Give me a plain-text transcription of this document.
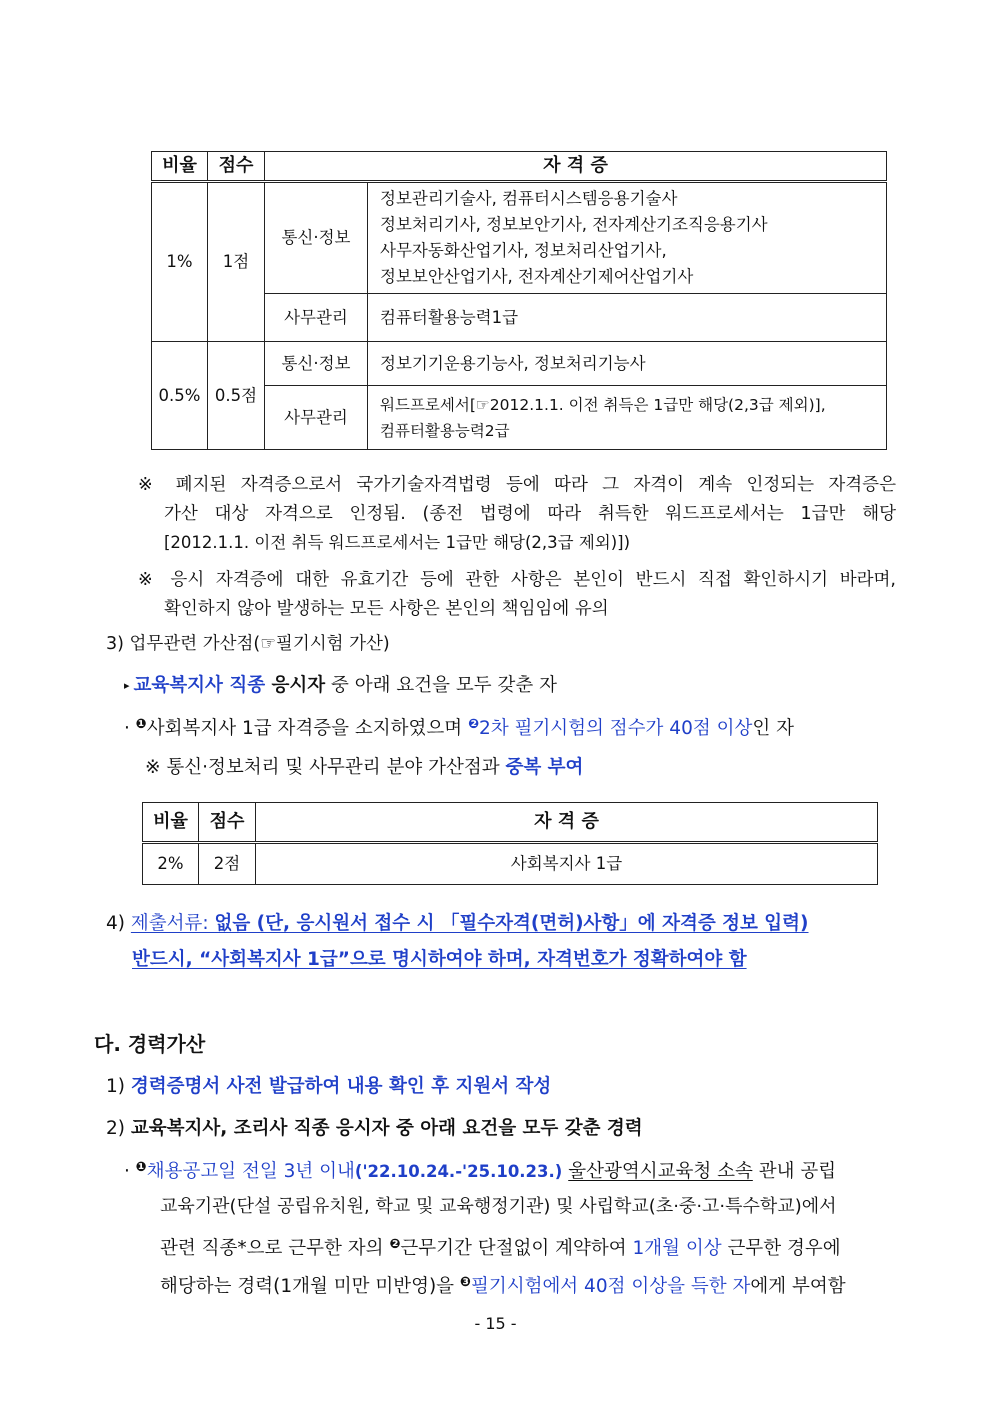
비율	점수	자 격 증	
1%	1점	통신·정보	정보관리기술사, 컴퓨터시스템응용기술사
정보처리기사, 정보보안기사, 전자계산기조직응용기사
사무자동화산업기사, 정보처리산업기사,
정보보안산업기사, 전자계산기제어산업기사

		사무관리	컴퓨터활용능력1급
0.5%	0.5점	통신·정보	정보기기운용기능사, 정보처리기능사
		사무관리	워드프로세서[☞2012.1.1. 이전 취득은 1급만 해당(2,3급 제외)],
컴퓨터활용능력2급
※ 폐지된 자격증으로서 국가기술자격법령 등에 따라 그 자격이 계속 인정되는 자격증은
가산 대상 자격으로 인정됨. (종전 법령에 따라 취득한 워드프로세서는 1급만 해당
[2012.1.1. 이전 취득 워드프로세서는 1급만 해당(2,3급 제외)])
※ 응시 자격증에 대한 유효기간 등에 관한 사항은 본인이 반드시 직접 확인하시기 바라며,
확인하지 않아 발생하는 모든 사항은 본인의 책임임에 유의
3) 업무관련 가산점(☞필기시험 가산)
▸ 교육복지사 직종 응시자 중 아래 요건을 모두 갖춘 자
· $^❶$사회복지사 1급 자격증을 소지하였으며 $^❷$2차 필기시험의 점수가 40점 이상인 자
※ 통신·정보처리 및 사무관리 분야 가산점과 중복 부여
비율	점수	자 격 증
2%	2점	사회복지사 1급
4) 제출서류: 없음 (단, 응시원서 접수 시 「필수자격(면허)사항」에 자격증 정보 입력)
반드시, “사회복지사 1급”으로 명시하여야 하며, 자격번호가 정확하여야 함
다. 경력가산
1) 경력증명서 사전 발급하여 내용 확인 후 지원서 작성
2) 교육복지사, 조리사 직종 응시자 중 아래 요건을 모두 갖춘 경력
· $^❶$채용공고일 전일 3년 이내('22.10.24.-'25.10.23.) 울산광역시교육청 소속 관내 공립
교육기관(단설 공립유치원, 학교 및 교육행정기관) 및 사립학교(초·중·고·특수학교)에서
관련 직종*으로 근무한 자의 $^❷$근무기간 단절없이 계약하여 1개월 이상 근무한 경우에
해당하는 경력(1개월 미만 미반영)을 $^❸$필기시험에서 40점 이상을 득한 자에게 부여함
- 15 -
